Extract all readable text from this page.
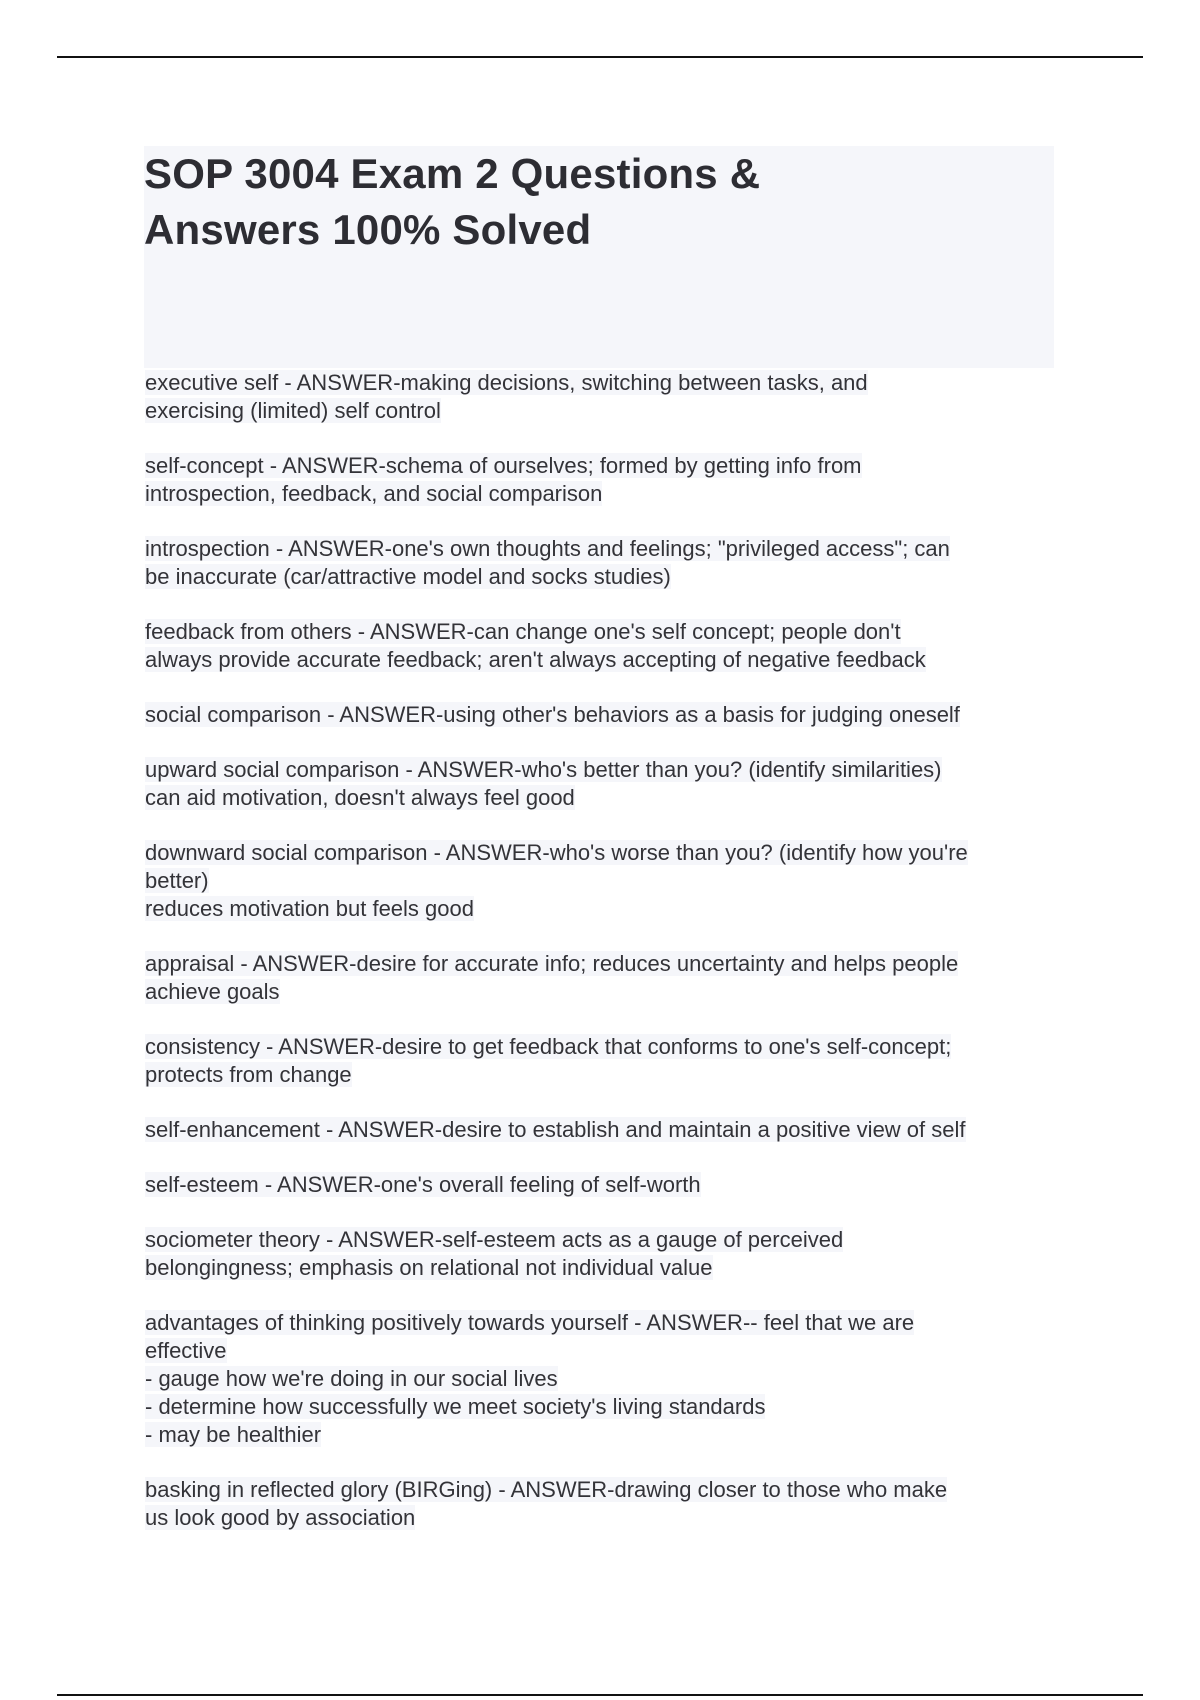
SOP 3004 Exam 2 Questions &
Answers 100% Solved
executive self - ANSWER-making decisions, switching between tasks, and
exercising (limited) self control
self-concept - ANSWER-schema of ourselves; formed by getting info from
introspection, feedback, and social comparison
introspection - ANSWER-one's own thoughts and feelings; "privileged access"; can
be inaccurate (car/attractive model and socks studies)
feedback from others - ANSWER-can change one's self concept; people don't
always provide accurate feedback; aren't always accepting of negative feedback
social comparison - ANSWER-using other's behaviors as a basis for judging oneself
upward social comparison - ANSWER-who's better than you? (identify similarities)
can aid motivation, doesn't always feel good
downward social comparison - ANSWER-who's worse than you? (identify how you're
better)
reduces motivation but feels good
appraisal - ANSWER-desire for accurate info; reduces uncertainty and helps people
achieve goals
consistency - ANSWER-desire to get feedback that conforms to one's self-concept;
protects from change
self-enhancement - ANSWER-desire to establish and maintain a positive view of self
self-esteem - ANSWER-one's overall feeling of self-worth
sociometer theory - ANSWER-self-esteem acts as a gauge of perceived
belongingness; emphasis on relational not individual value
advantages of thinking positively towards yourself - ANSWER-- feel that we are
effective
- gauge how we're doing in our social lives
- determine how successfully we meet society's living standards
- may be healthier
basking in reflected glory (BIRGing) - ANSWER-drawing closer to those who make
us look good by association
